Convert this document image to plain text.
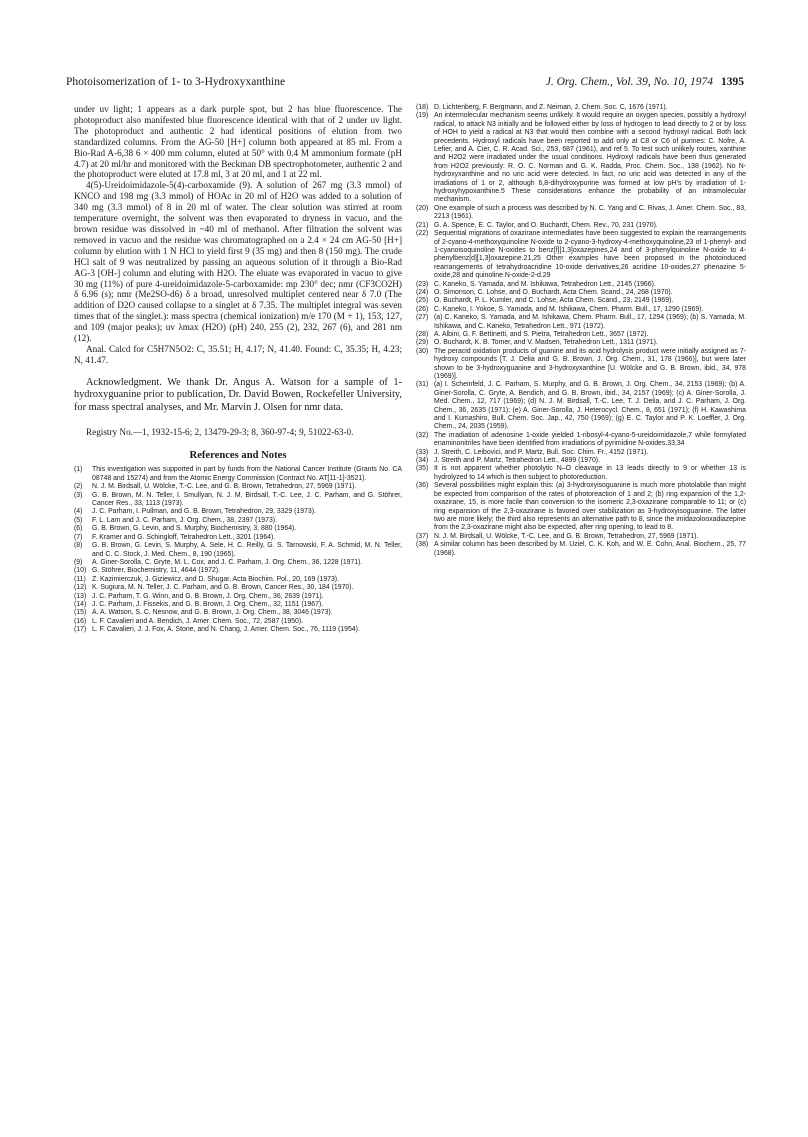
Photoisomerization of 1- to 3-Hydroxyxanthine	J. Org. Chem., Vol. 39, No. 10, 1974 1395

under uv light; 1 appears as a dark purple spot, but 2 has blue fluorescence. The photoproduct also manifested blue fluorescence identical with that of 2 under uv light. The photoproduct and authentic 2 had identical positions of elution from two standardized columns. From the AG-50 [H+] column both appeared at 85 ml. From a Bio-Rad A-6,38 6 × 400 mm column, eluted at 50° with 0.4 M ammonium formate (pH 4.7) at 20 ml/hr and monitored with the Beckman DB spectrophotometer, authentic 2 and the photoproduct were eluted at 17.8 ml, 3 at 20 ml, and 1 at 22 ml.

4(5)-Ureidoimidazole-5(4)-carboxamide (9). A solution of 267 mg (3.3 mmol) of KNCO and 198 mg (3.3 mmol) of HOAc in 20 ml of H2O was added to a solution of 340 mg (3.3 mmol) of 8 in 20 ml of water. The clear solution was stirred at room temperature overnight, the solvent was then evaporated to dryness in vacuo, and the brown residue was dissolved in ~40 ml of methanol. After filtration the solvent was removed in vacuo and the residue was chromatographed on a 2.4 × 24 cm AG-50 [H+] column by elution with 1 N HCl to yield first 9 (35 mg) and then 8 (150 mg). The crude HCl salt of 9 was neutralized by passing an aqueous solution of it through a Bio-Rad AG-3 [OH-] column and eluting with H2O. The eluate was evaporated in vacuo to give 30 mg (11%) of pure 4-ureidoimidazole-5-carboxamide: mp 230° dec; nmr (CF3CO2H) δ 6.96 (s); nmr (Me2SO-d6) δ a broad, unresolved multiplet centered near δ 7.0 (The addition of D2O caused collapse to a singlet at δ 7.35. The multiplet integral was seven times that of the singlet.): mass spectra (chemical ionization) m/e 170 (M + 1), 153, 127, and 109 (major peaks); uv λmax (H2O) (pH) 240, 255 (2), 232, 267 (6), and 281 nm (12).

Anal. Calcd for C5H7N5O2: C, 35.51; H, 4.17; N, 41.40. Found: C, 35.35; H, 4.23; N, 41.47.

Acknowledgment. We thank Dr. Angus A. Watson for a sample of 1-hydroxyguanine prior to publication, Dr. David Bowen, Rockefeller University, for mass spectral analyses, and Mr. Marvin J. Olsen for nmr data.

Registry No.—1, 1932-15-6; 2, 13479-29-3; 8, 360-97-4; 9, 51022-63-0.

References and Notes
(1)	This investigation was supported in part by funds from the National Cancer Institute (Grants No. CA 08748 and 15274) and from the Atomic Energy Commission (Contract No. AT[11-1]-3521).
(2)	N. J. M. Birdsall, U. Wölcke, T.-C. Lee, and G. B. Brown, Tetrahedron, 27, 5969 (1971).
(3)	G. B. Brown, M. N. Teller, I. Smullyan, N. J. M. Birdsall, T.-C. Lee, J. C. Parham, and G. Stöhrer, Cancer Res., 33, 1113 (1973).
(4)	J. C. Parham, I. Pullman, and G. B. Brown, Tetrahedron, 29, 3329 (1973).
(5)	F. L. Lam and J. C. Parham, J. Org. Chem., 38, 2397 (1973).
(6)	G. B. Brown, G. Levin, and S. Murphy, Biochemistry, 3, 880 (1964).
(7)	F. Kramer and G. Schingloff, Tetrahedron Lett., 3201 (1964).
(8)	G. B. Brown, G. Levin, S. Murphy, A. Sele, H. C. Reilly, G. S. Tarnowski, F. A. Schmid, M. N. Teller, and C. C. Stock, J. Med. Chem., 8, 190 (1965).
(9)	A. Giner-Sorolla, C. Gryte, M. L. Cox, and J. C. Parham, J. Org. Chem., 36, 1228 (1971).
(10) G. Stöhrer, Biochemistry, 11, 4644 (1972).
(11) Z. Kazimierczuk, J. Giziewicz, and D. Shugar, Acta Biochim. Pol., 20, 169 (1973).
(12) K. Sugiura, M. N. Teller, J. C. Parham, and G. B. Brown, Cancer Res., 30, 184 (1970).
(13) J. C. Parham, T. G. Winn, and G. B. Brown, J. Org. Chem., 36, 2639 (1971).
(14) J. C. Parham, J. Fissekis, and G. B. Brown, J. Org. Chem., 32, 1151 (1967).
(15) A. A. Watson, S. C. Nesnow, and G. B. Brown, J. Org. Chem., 38, 3046 (1973).
(16) L. F. Cavalieri and A. Bendich, J. Amer. Chem. Soc., 72, 2587 (1950).
(17) L. F. Cavalieri, J. J. Fox, A. Stone, and N. Chang, J. Amer. Chem. Soc., 76, 1119 (1954).
(18) D. Lichtenberg, F. Bergmann, and Z. Neiman, J. Chem. Soc. C, 1676 (1971).
(19) An intermolecular mechanism seems unlikely. It would require an oxygen species, possibly a hydroxyl radical, to attack N3 initially and be followed either by loss of hydrogen to lead directly to 2 or by loss of HOH to yield a radical at N3 that would then combine with a second hydroxyl radical. Both lack precedents. Hydroxyl radicals have been reported to add only at C8 or C6 of purines: C. Nofre, A. Lefier, and A. Cier, C. R. Acad. Sci., 253, 687 (1961), and ref 5. To test such unlikely routes, xanthine and H2O2 were irradiated under the usual conditions. Hydroxyl radicals have been thus generated from H2O2 previously: R. O. C. Norman and G. K. Radda, Proc. Chem. Soc., 138 (1962). No N-hydroxyxanthine and no uric acid were detected. In fact, no uric acid was detected in any of the irradiations of 1 or 2, although 6,8-dihydroxypurine was formed at low pH's by irradiation of 1-hydroxyhypoxanthine.5 These considerations enhance the probability of an intramolecular mechanism.
(20) One example of such a process was described by N. C. Yang and C. Rivas, J. Amer. Chem. Soc., 83, 2213 (1961).
(21) G. A. Spence, E. C. Taylor, and O. Buchardt, Chem. Rev., 70, 231 (1970).
(22) Sequential migrations of oxazirane intermediates have been suggested to explain the rearrangements of 2-cyano-4-methoxyquinoline N-oxide to 2-cyano-3-hydroxy-4-methoxyquinoline,23 of 1-phenyl- and 1-cyanoisoquinoline N-oxides to benz[f][1,3]oxazepines,24 and of 3-phenylquinoline N-oxide to 4-phenylbenz[d][1,3]oxazepine.21,25 Other examples have been proposed in the photoinduced rearrangements of tetrahydroacridine 10-oxide derivatives,26 acridine 10-oxides,27 phenazine 5-oxide,28 and quinoline N-oxide-2-d.29
(23) C. Kaneko, S. Yamada, and M. Ishikawa, Tetrahedron Lett., 2145 (1966).
(24) O. Simonson, C. Lohse, and O. Buchardt, Acta Chem. Scand., 24, 268 (1970).
(25) O. Buchardt, P. L. Kumler, and C. Lohse, Acta Chem. Scand., 23, 2149 (1969).
(26) C. Kaneko, I. Yokoe, S. Yamada, and M. Ishikawa, Chem. Pharm. Bull., 17, 1290 (1969).
(27) (a) C. Kaneko, S. Yamada, and M. Ishikawa, Chem. Pharm. Bull., 17, 1294 (1969); (b) S. Yamada, M. Ishikawa, and C. Kaneko, Tetrahedron Lett., 971 (1972).
(28) A. Albini, G. F. Bettinetti, and S. Pietra, Tetrahedron Lett., 3657 (1972).
(29) O. Buchardt, K. B. Tomer, and V. Madsen, Tetrahedron Lett., 1311 (1971).
(30) The peracid oxidation products of guanine and its acid hydrolysis product were initially assigned as 7-hydroxy compounds [T. J. Delia and G. B. Brown, J. Org. Chem., 31, 178 (1966)], but were later shown to be 3-hydroxyguanine and 3-hydroxyxanthine [U. Wölcke and G. B. Brown, ibid., 34, 978 (1969)].
(31) (a) I. Scheinfeld, J. C. Parham, S. Murphy, and G. B. Brown, J. Org. Chem., 34, 2153 (1969); (b) A. Giner-Sorolla, C. Gryte, A. Bendich, and G. B. Brown, ibid., 34, 2157 (1969); (c) A. Giner-Sorolla, J. Med. Chem., 12, 717 (1969); (d) N. J. M. Birdsall, T.-C. Lee, T. J. Delia, and J. C. Parham, J. Org. Chem., 36, 2635 (1971); (e) A. Giner-Sorolla, J. Heterocycl. Chem., 8, 651 (1971); (f) H. Kawashima and I. Kumashiro, Bull. Chem. Soc. Jap., 42, 750 (1969); (g) E. C. Taylor and P. K. Loeffler, J. Org. Chem., 24, 2035 (1959).
(32) The irradiation of adenosine 1-oxide yielded 1-ribosyl-4-cyano-5-ureidoimidazole,7 while formylated enaminonitriles have been identified from irradiations of pyrimidine N-oxides.33,34
(33) J. Streith, C. Leibovici, and P. Martz, Bull. Soc. Chim. Fr., 4152 (1971).
(34) J. Streith and P. Martz, Tetrahedron Lett., 4899 (1970).
(35) It is not apparent whether photolytic N–O cleavage in 13 leads directly to 9 or whether 13 is hydrolyzed to 14 which is then subject to photoreduction.
(36) Several possibilities might explain this: (a) 3-hydroxyisoguanine is much more photolabile than might be expected from comparison of the rates of photoreaction of 1 and 2; (b) ring expansion of the 1,2-oxazirane, 15, is more facile than conversion to the isomeric 2,3-oxazirane comparable to 11; or (c) ring expansion of the 2,3-oxazirane is favored over stabilization as 3-hydroxyisoguanine. The latter two are more likely; the third also represents an alternative path to 8, since the imidazolooxadiazepine from the 2,3-oxazirane might also be expected, after ring opening, to lead to 8.
(37) N. J. M. Birdsall, U. Wölcke, T.-C. Lee, and G. B. Brown, Tetrahedron, 27, 5969 (1971).
(38) A similar column has been described by M. Uziel, C. K. Koh, and W. E. Cohn, Anal. Biochem., 25, 77 (1968).
